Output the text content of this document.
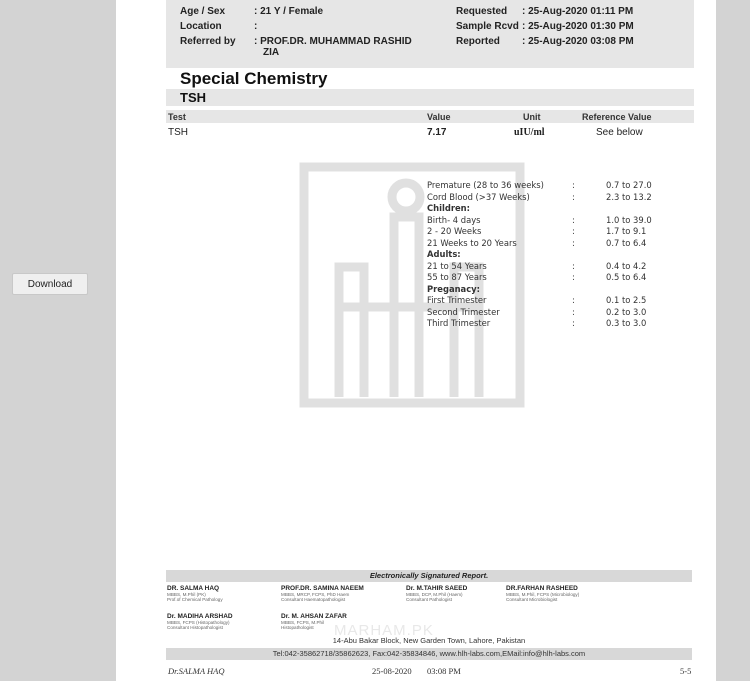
Download
Age / Sex	: 21 Y / Female
Location	:
Referred by : PROF.DR. MUHAMMAD RASHID
ZIA
Requested : 25-Aug-2020 01:11 PM
Sample Rcvd : 25-Aug-2020 01:30 PM
Reported : 25-Aug-2020 03:08 PM
Special Chemistry
TSH
Test	Value	Unit	Reference Value
TSH	7.17	uIU/ml	See below
Premature (28 to 36 weeks)	:	0.7 to 27.0
Cord Blood (>37 Weeks)	:	2.3 to 13.2
Children:
Birth- 4 days	:	1.0 to 39.0
2 - 20 Weeks	:	1.7 to 9.1
21 Weeks to 20 Years	:	0.7 to 6.4
Adults:
21 to 54 Years	:	0.4 to 4.2
55 to 87 Years	:	0.5 to 6.4
Preganacy:
First Trimester	:	0.1 to 2.5
Second Trimester	:	0.2 to 3.0
Third Trimester	:	0.3 to 3.0
Electronically Signatured Report.
DR. SALMA HAQ
MBBS, M.Phil (PK)
Prof.of Chemical Pathology
PROF.DR. SAMINA NAEEM
MBBS, MRCP, FCPS, PhD Haem
Consultant Haematopathologist
Dr. M.TAHIR SAEED
MBBS, DCP, M.Phil (Haem)
Consultant Pathologist
DR.FARHAN RASHEED
MBBS, M.Phil, FCPS (Microbiology)
Consultant Microbiologist
Dr. MADIHA ARSHAD
MBBS, FCPS (Histopathology)
Consultant Histopathologist
Dr. M. AHSAN ZAFAR
MBBS, FCPS, M.Phil
Histopathologist	MARHAM.PK
14-Abu Bakar Block, New Garden Town, Lahore, Pakistan
Tel:042-35862718/35862623, Fax:042-35834846, www.hlh-labs.com,EMail:info@hlh-labs.com
Dr.SALMA HAQ	25-08-2020 03:08 PM	5-5
